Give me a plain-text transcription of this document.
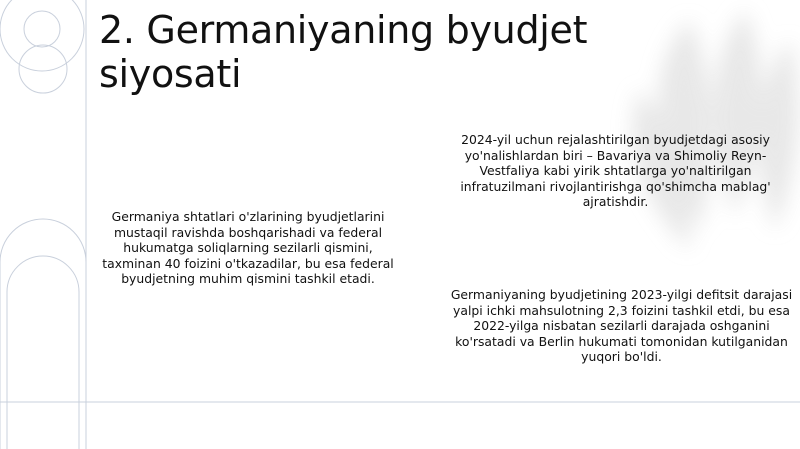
2. Germaniyaning byudjet siyosati

Germaniya shtatlari o'zlarining byudjetlarini mustaqil ravishda boshqarishadi va federal hukumatga soliqlarning sezilarli qismini, taxminan 40 foizini o'tkazadilar, bu esa federal byudjetning muhim qismini tashkil etadi.

2024-yil uchun rejalashtirilgan byudjetdagi asosiy yo'nalishlardan biri – Bavariya va Shimoliy Reyn-Vestfaliya kabi yirik shtatlarga yo'naltirilgan infratuzilmani rivojlantirishga qo'shimcha mablag' ajratishdir.

Germaniyaning byudjetining 2023-yilgi defitsit darajasi yalpi ichki mahsulotning 2,3 foizini tashkil etdi, bu esa 2022-yilga nisbatan sezilarli darajada oshganini ko'rsatadi va Berlin hukumati tomonidan kutilganidan yuqori bo'ldi.
